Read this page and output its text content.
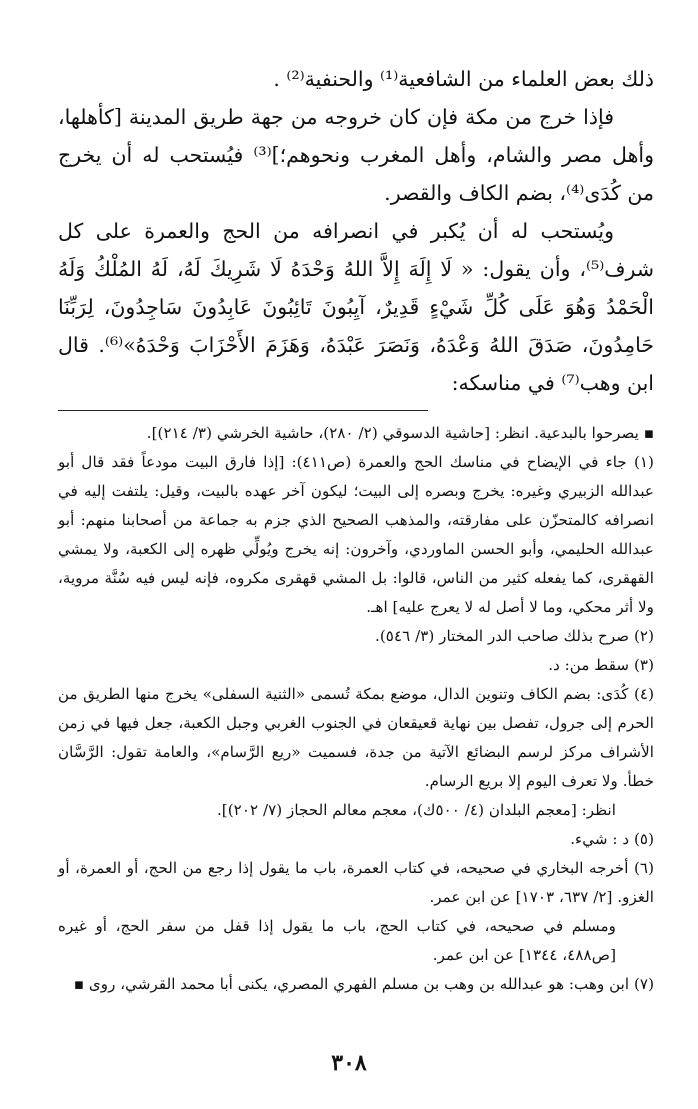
ذلك بعض العلماء من الشافعية⁽¹⁾ والحنفية⁽²⁾ .

فإذا خرج من مكة فإن كان خروجه من جهة طريق المدينة [كأهلها، وأهل مصر والشام، وأهل المغرب ونحوهم؛]⁽³⁾ فيُستحب له أن يخرج من كُدَى⁽⁴⁾، بضم الكاف والقصر.

ويُستحب له أن يُكبر في انصرافه من الحج والعمرة على كل شرف⁽⁵⁾، وأن يقول: « لَا إِلَهَ إِلاَّ اللهُ وَحْدَهُ لَا شَرِيكَ لَهُ، لَهُ المُلْكُ وَلَهُ الْحَمْدُ وَهُوَ عَلَى كُلِّ شَيْءٍ قَدِيرٌ، آيِبُونَ تَائِبُونَ عَابِدُونَ سَاجِدُونَ، لِرَبِّنَا حَامِدُونَ، صَدَقَ اللهُ وَعْدَهُ، وَنَصَرَ عَبْدَهُ، وَهَزَمَ الأَحْزَابَ وَحْدَهُ»⁽⁶⁾. قال ابن وهب⁽⁷⁾ في مناسكه:

▪ يصرحوا بالبدعية. انظر: [حاشية الدسوقي (٢/ ٢٨٠)، حاشية الخرشي (٣/ ٢١٤)].

(١) جاء في الإيضاح في مناسك الحج والعمرة (ص٤١١): [إذا فارق البيت مودعاً فقد قال أبو عبدالله الزبيري وغيره: يخرج وبصره إلى البيت؛ ليكون آخر عهده بالبيت، وقيل: يلتفت إليه في انصرافه كالمتحزّن على مفارقته، والمذهب الصحيح الذي جزم به جماعة من أصحابنا منهم: أبو عبدالله الحليمي، وأبو الحسن الماوردي، وآخرون: إنه يخرج ويُولِّي ظهره إلى الكعبة، ولا يمشي القهقرى، كما يفعله كثير من الناس، قالوا: بل المشي قهقرى مكروه، فإنه ليس فيه سُنَّة مروية، ولا أثر محكي، وما لا أصل له لا يعرج عليه] اهـ.

(٢) صرح بذلك صاحب الدر المختار (٣/ ٥٤٦).

(٣) سقط من: د.

(٤) كُدَى: بضم الكاف وتنوين الدال، موضع بمكة تُسمى «الثنية السفلى» يخرج منها الطريق من الحرم إلى جرول، تفصل بين نهاية قعيقعان في الجنوب الغربي وجبل الكعبة، جعل فيها في زمن الأشراف مركز لرسم البضائع الآتية من جدة، فسميت «ريع الرَّسام»، والعامة تقول: الرَّسَّان خطأ. ولا تعرف اليوم إلا بريع الرسام.

انظر: [معجم البلدان (٤/ ٥٠٠ك)، معجم معالم الحجاز (٧/ ٢٠٢)].

(٥) د : شيء.

(٦) أخرجه البخاري في صحيحه، في كتاب العمرة، باب ما يقول إذا رجع من الحج، أو العمرة، أو الغزو. [٢/ ٦٣٧، ١٧٠٣] عن ابن عمر.

ومسلم في صحيحه، في كتاب الحج، باب ما يقول إذا قفل من سفر الحج، أو غيره [ص٤٨٨، ١٣٤٤] عن ابن عمر.

(٧) ابن وهب: هو عبدالله بن وهب بن مسلم الفهري المصري، يكنى أبا محمد القرشي، روى ▪

٣٠٨
